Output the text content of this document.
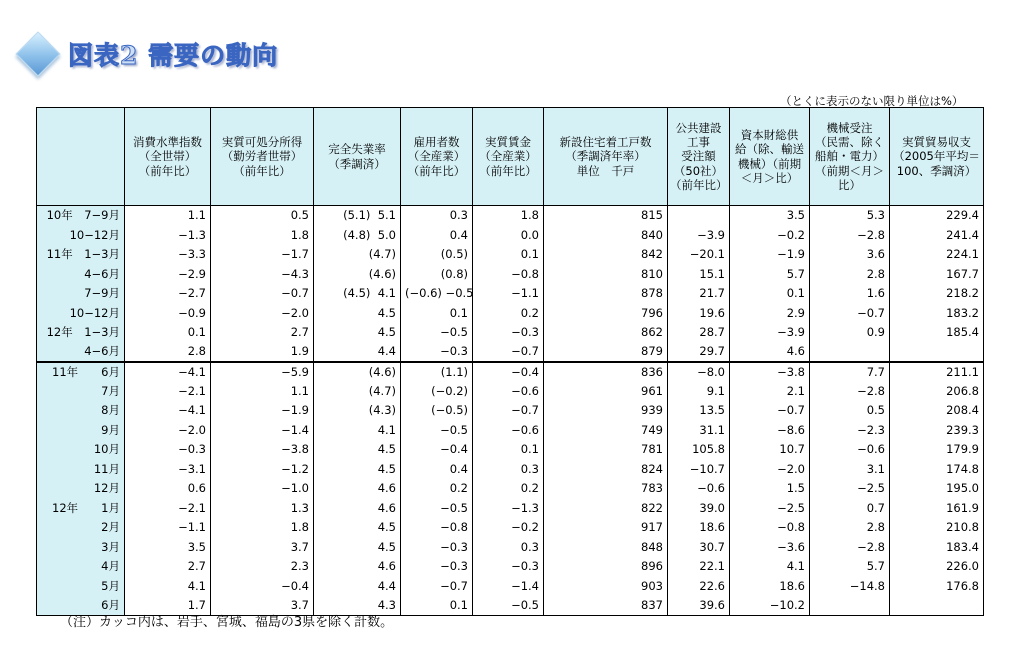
図表2 需要の動向
（とくに表示のない限り単位は%）
	消費水準指数
（全世帯）
（前年比）	実質可処分所得
（勤労者世帯）
（前年比）	完全失業率
（季調済）	雇用者数
（全産業）
（前年比）	実質賃金
（全産業）
（前年比）	新設住宅着工戸数
（季調済年率）
単位　千戸	公共建設
工事
受注額
（50社）
（前年比）	資本財総供
給（除、輸送
機械）（前期
＜月＞比）	機械受注
（民需、除く
船舶・電力）
（前期＜月＞
比）	実質貿易収支
（2005年平均＝
100、季調済）
10年　7−9月	1.1	0.5	(5.1)  5.1	0.3	1.8	815		3.5	5.3	229.4
10−12月	−1.3	1.8	(4.8)  5.0	0.4	0.0	840	−3.9	−0.2	−2.8	241.4
11年　1−3月	−3.3	−1.7	(4.7)	(0.5)	0.1	842	−20.1	−1.9	3.6	224.1
4−6月	−2.9	−4.3	(4.6)	(0.8)	−0.8	810	15.1	5.7	2.8	167.7
7−9月	−2.7	−0.7	(4.5)  4.1	(−0.6) −0.5	−1.1	878	21.7	0.1	1.6	218.2
10−12月	−0.9	−2.0	4.5	0.1	0.2	796	19.6	2.9	−0.7	183.2
12年　1−3月	0.1	2.7	4.5	−0.5	−0.3	862	28.7	−3.9	0.9	185.4
4−6月	2.8	1.9	4.4	−0.3	−0.7	879	29.7	4.6		
11年　　6月	−4.1	−5.9	(4.6)	(1.1)	−0.4	836	−8.0	−3.8	7.7	211.1
7月	−2.1	1.1	(4.7)	(−0.2)	−0.6	961	9.1	2.1	−2.8	206.8
8月	−4.1	−1.9	(4.3)	(−0.5)	−0.7	939	13.5	−0.7	0.5	208.4
9月	−2.0	−1.4	4.1	−0.5	−0.6	749	31.1	−8.6	−2.3	239.3
10月	−0.3	−3.8	4.5	−0.4	0.1	781	105.8	10.7	−0.6	179.9
11月	−3.1	−1.2	4.5	0.4	0.3	824	−10.7	−2.0	3.1	174.8
12月	0.6	−1.0	4.6	0.2	0.2	783	−0.6	1.5	−2.5	195.0
12年　　1月	−2.1	1.3	4.6	−0.5	−1.3	822	39.0	−2.5	0.7	161.9
2月	−1.1	1.8	4.5	−0.8	−0.2	917	18.6	−0.8	2.8	210.8
3月	3.5	3.7	4.5	−0.3	0.3	848	30.7	−3.6	−2.8	183.4
4月	2.7	2.3	4.6	−0.3	−0.3	896	22.1	4.1	5.7	226.0
5月	4.1	−0.4	4.4	−0.7	−1.4	903	22.6	18.6	−14.8	176.8
6月	1.7	3.7	4.3	0.1	−0.5	837	39.6	−10.2		
（注）カッコ内は、岩手、宮城、福島の3県を除く計数。
